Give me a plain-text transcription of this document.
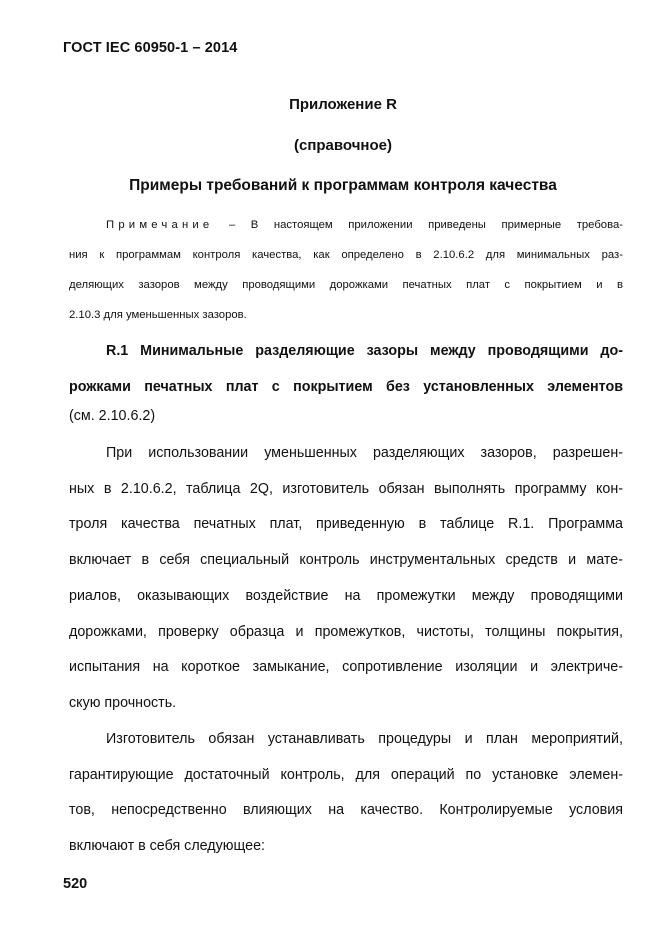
ГОСТ IEC 60950-1 – 2014
Приложение R
(справочное)
Примеры требований к программам контроля качества
Примечание – В настоящем приложении приведены примерные требова-
ния к программам контроля качества, как определено в 2.10.6.2 для минимальных раз-
деляющих зазоров между проводящими дорожками печатных плат с покрытием и в
2.10.3 для уменьшенных зазоров.
R.1 Минимальные разделяющие зазоры между проводящими до-
рожками печатных плат с покрытием без установленных элементов
(см. 2.10.6.2)
При использовании уменьшенных разделяющих зазоров, разрешен-
ных в 2.10.6.2, таблица 2Q, изготовитель обязан выполнять программу кон-
троля качества печатных плат, приведенную в таблице R.1. Программа
включает в себя специальный контроль инструментальных средств и мате-
риалов, оказывающих воздействие на промежутки между проводящими
дорожками, проверку образца и промежутков, чистоты, толщины покрытия,
испытания на короткое замыкание, сопротивление изоляции и электриче-
скую прочность.
Изготовитель обязан устанавливать процедуры и план мероприятий,
гарантирующие достаточный контроль, для операций по установке элемен-
тов, непосредственно влияющих на качество. Контролируемые условия
включают в себя следующее:
520
